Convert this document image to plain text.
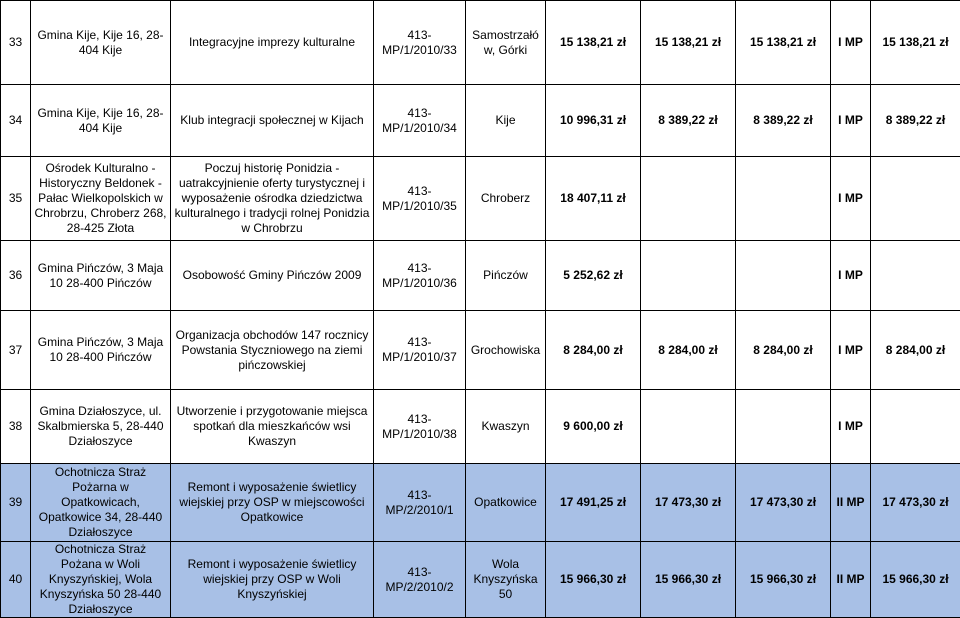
33	Gmina Kije, Kije 16, 28-404 Kije	Integracyjne imprezy kulturalne	413-MP/1/2010/33	Samostrzałó w, Górki	15 138,21 zł	15 138,21 zł	15 138,21 zł	I MP	15 138,21 zł
34	Gmina Kije, Kije 16, 28-404 Kije	Klub integracji społecznej w Kijach	413-MP/1/2010/34	Kije	10 996,31 zł	8 389,22 zł	8 389,22 zł	I MP	8 389,22 zł
35	Ośrodek Kulturalno - Historyczny Beldonek - Pałac Wielkopolskich w Chrobrzu, Chroberz 268, 28-425 Złota	Poczuj historię Ponidzia - uatrakcyjnienie oferty turystycznej i wyposażenie ośrodka dziedzictwa kulturalnego i tradycji rolnej Ponidzia w Chrobrzu	413-MP/1/2010/35	Chroberz	18 407,11 zł			I MP	
36	Gmina Pińczów, 3 Maja 10 28-400 Pińczów	Osobowość Gminy Pińczów 2009	413-MP/1/2010/36	Pińczów	5 252,62 zł			I MP	
37	Gmina Pińczów, 3 Maja 10 28-400 Pińczów	Organizacja obchodów 147 rocznicy Powstania Styczniowego na ziemi pińczowskiej	413-MP/1/2010/37	Grochowiska	8 284,00 zł	8 284,00 zł	8 284,00 zł	I MP	8 284,00 zł
38	Gmina Działoszyce, ul. Skalbmierska 5, 28-440 Działoszyce	Utworzenie i przygotowanie miejsca spotkań dla mieszkańców wsi Kwaszyn	413-MP/1/2010/38	Kwaszyn	9 600,00 zł			I MP	
39	Ochotnicza Straż Pożarna w Opatkowicach, Opatkowice 34, 28-440 Działoszyce	Remont i wyposażenie świetlicy wiejskiej przy OSP w miejscowości Opatkowice	413-MP/2/2010/1	Opatkowice	17 491,25 zł	17 473,30 zł	17 473,30 zł	II MP	17 473,30 zł
40	Ochotnicza Straż Pożana w Woli Knyszyńskiej, Wola Knyszyńska 50 28-440 Działoszyce	Remont i wyposażenie świetlicy wiejskiej przy OSP w Woli Knyszyńskiej	413-MP/2/2010/2	Wola Knyszyńska 50	15 966,30 zł	15 966,30 zł	15 966,30 zł	II MP	15 966,30 zł
